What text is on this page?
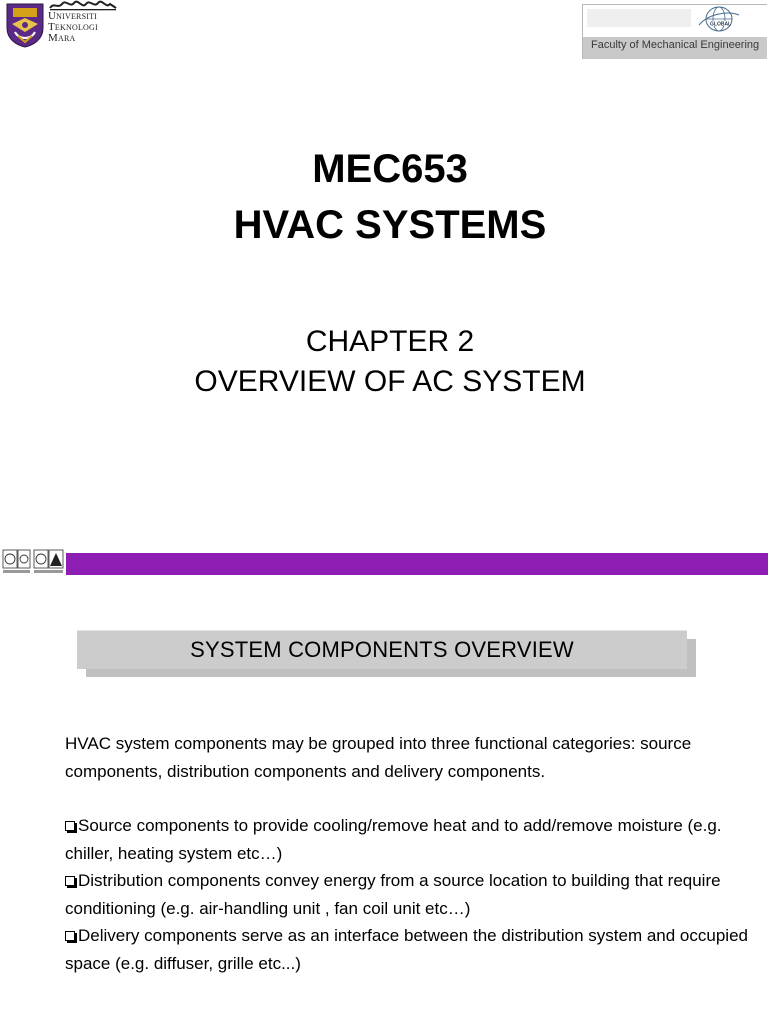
Universiti
Teknologi
Mara
GLOBAL
Faculty of Mechanical Engineering
MEC653
HVAC SYSTEMS
CHAPTER 2
OVERVIEW OF AC SYSTEM
SYSTEM COMPONENTS OVERVIEW

HVAC system components may be grouped into three functional categories: source components, distribution components and delivery components.

Source components to provide cooling/remove heat and to add/remove moisture (e.g. chiller, heating system etc…)

Distribution components convey energy from a source location to building that require conditioning (e.g. air-handling unit , fan coil unit etc…)

Delivery components serve as an interface between the distribution system and occupied space (e.g. diffuser, grille etc...)
